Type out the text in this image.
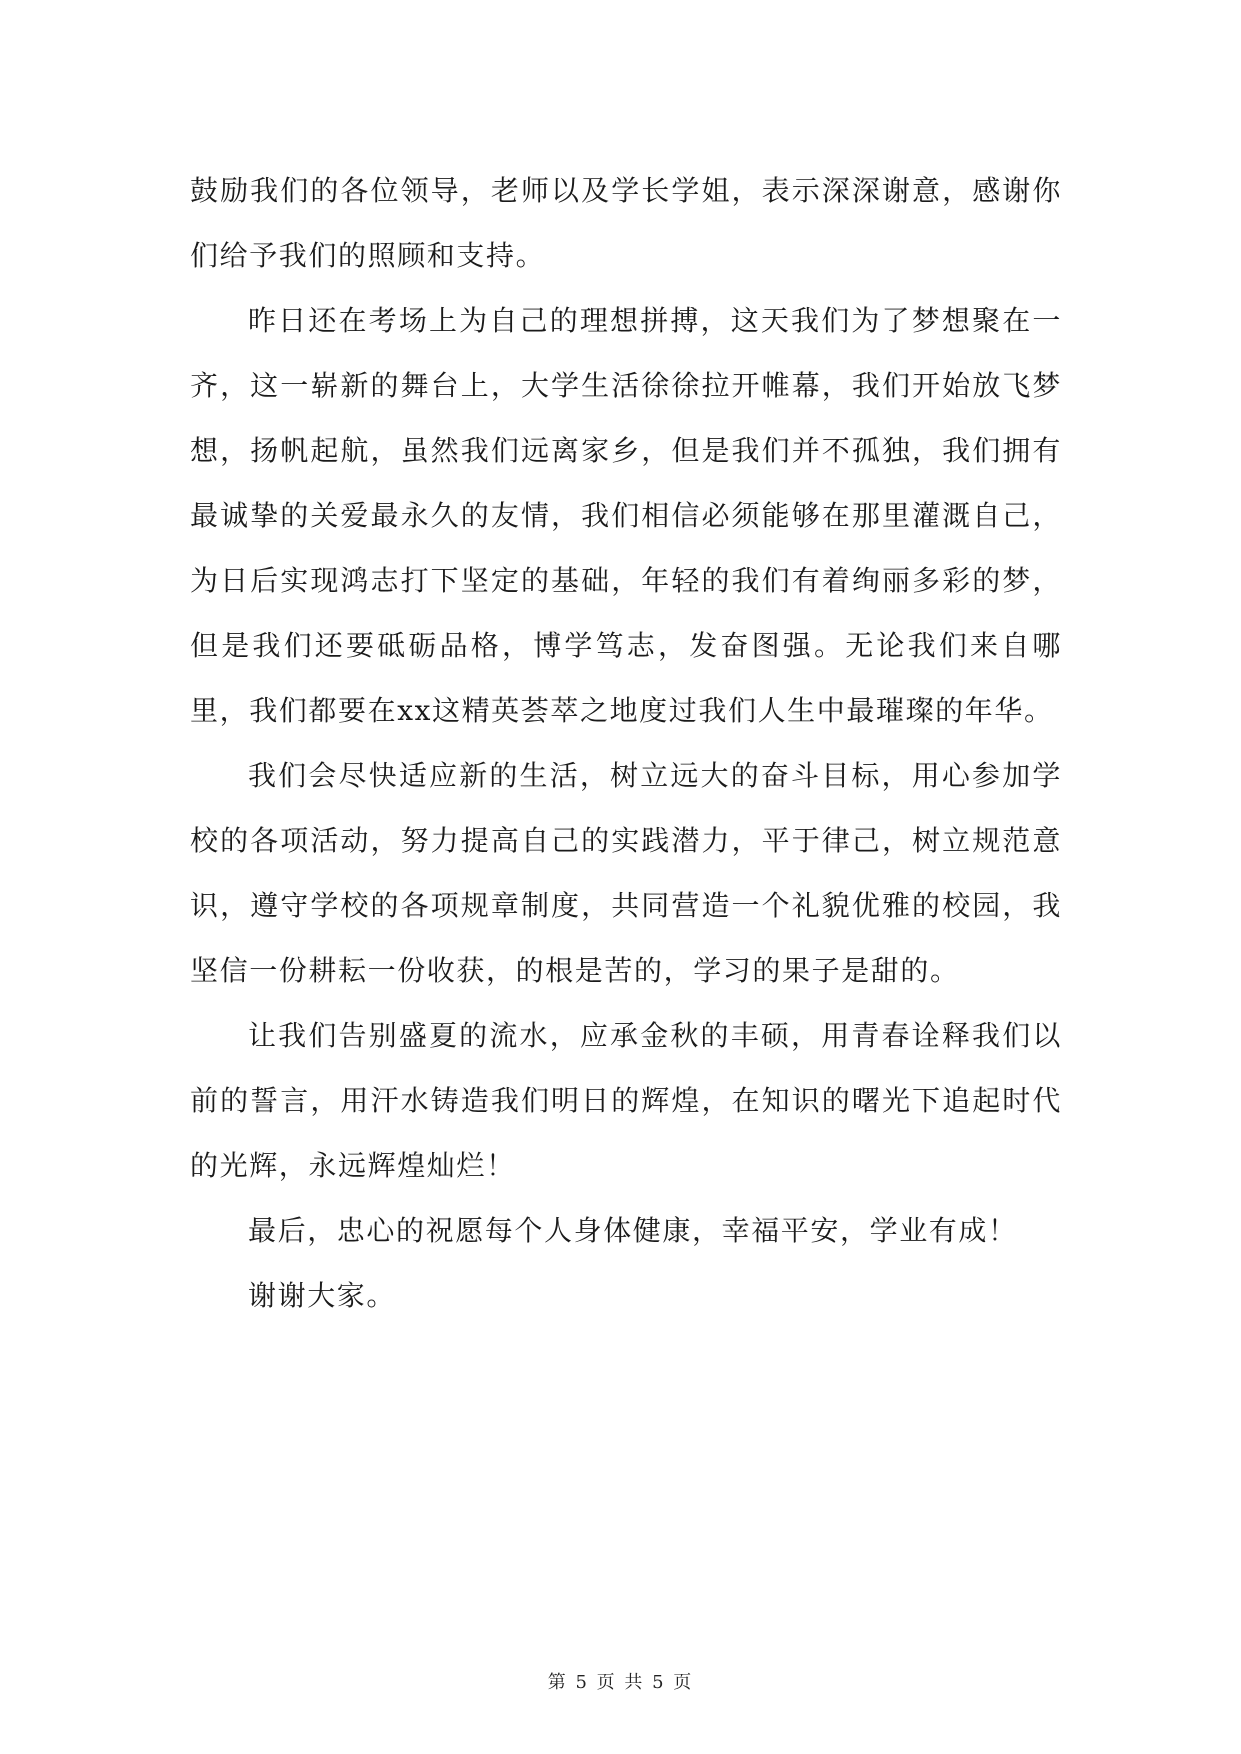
鼓励我们的各位领导，老师以及学长学姐，表示深深谢意，感谢你们给予我们的照顾和支持。

昨日还在考场上为自己的理想拼搏，这天我们为了梦想聚在一齐，这一崭新的舞台上，大学生活徐徐拉开帷幕，我们开始放飞梦想，扬帆起航，虽然我们远离家乡，但是我们并不孤独，我们拥有最诚挚的关爱最永久的友情，我们相信必须能够在那里灌溉自己，为日后实现鸿志打下坚定的基础，年轻的我们有着绚丽多彩的梦，但是我们还要砥砺品格，博学笃志，发奋图强。无论我们来自哪里，我们都要在xx这精英荟萃之地度过我们人生中最璀璨的年华。

我们会尽快适应新的生活，树立远大的奋斗目标，用心参加学校的各项活动，努力提高自己的实践潜力，平于律己，树立规范意识，遵守学校的各项规章制度，共同营造一个礼貌优雅的校园，我坚信一份耕耘一份收获，的根是苦的，学习的果子是甜的。

让我们告别盛夏的流水，应承金秋的丰硕，用青春诠释我们以前的誓言，用汗水铸造我们明日的辉煌，在知识的曙光下追起时代的光辉，永远辉煌灿烂！

最后，忠心的祝愿每个人身体健康，幸福平安，学业有成！

谢谢大家。

第 5 页 共 5 页
